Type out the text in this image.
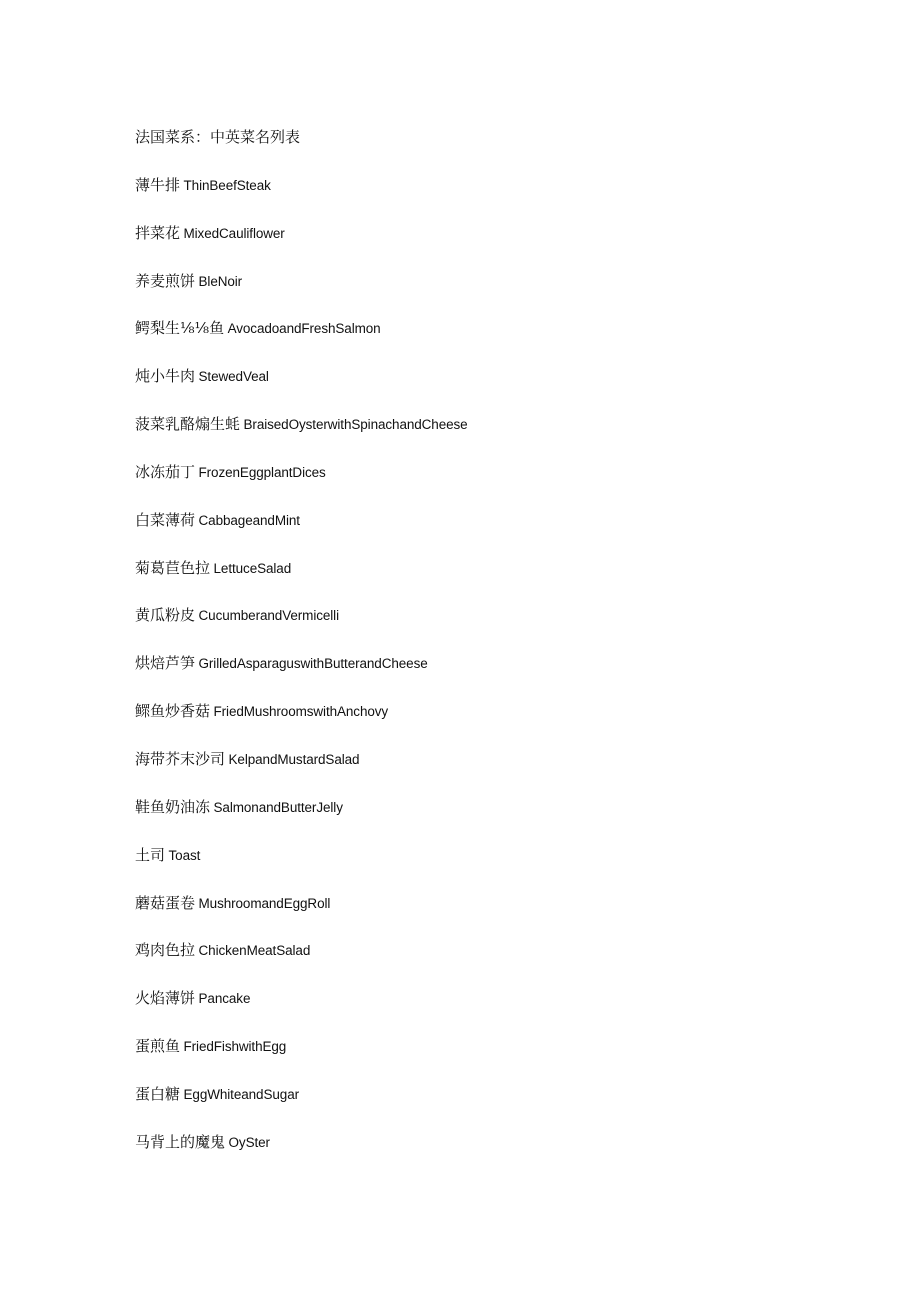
法国菜系：中英菜名列表
薄牛排 ThinBeefSteak
拌菜花 MixedCauliflower
养麦煎饼 BleNoir
鳄梨生⅛⅛鱼 AvocadoandFreshSalmon
炖小牛肉 StewedVeal
菠菜乳酪煽生蚝 BraisedOysterwithSpinachandCheese
冰冻茄丁 FrozenEggplantDices
白菜薄荷 CabbageandMint
菊葛苣色拉 LettuceSalad
黄瓜粉皮 CucumberandVermicelli
烘焙芦笋 GrilledAsparaguswithButterandCheese
鳏鱼炒香菇 FriedMushroomswithAnchovy
海带芥末沙司 KelpandMustardSalad
鞋鱼奶油冻 SalmonandButterJelly
土司 Toast
蘑菇蛋卷 MushroomandEggRoll
鸡肉色拉 ChickenMeatSalad
火焰薄饼 Pancake
蛋煎鱼 FriedFishwithEgg
蛋白糖 EggWhiteandSugar
马背上的魔鬼 OySter
